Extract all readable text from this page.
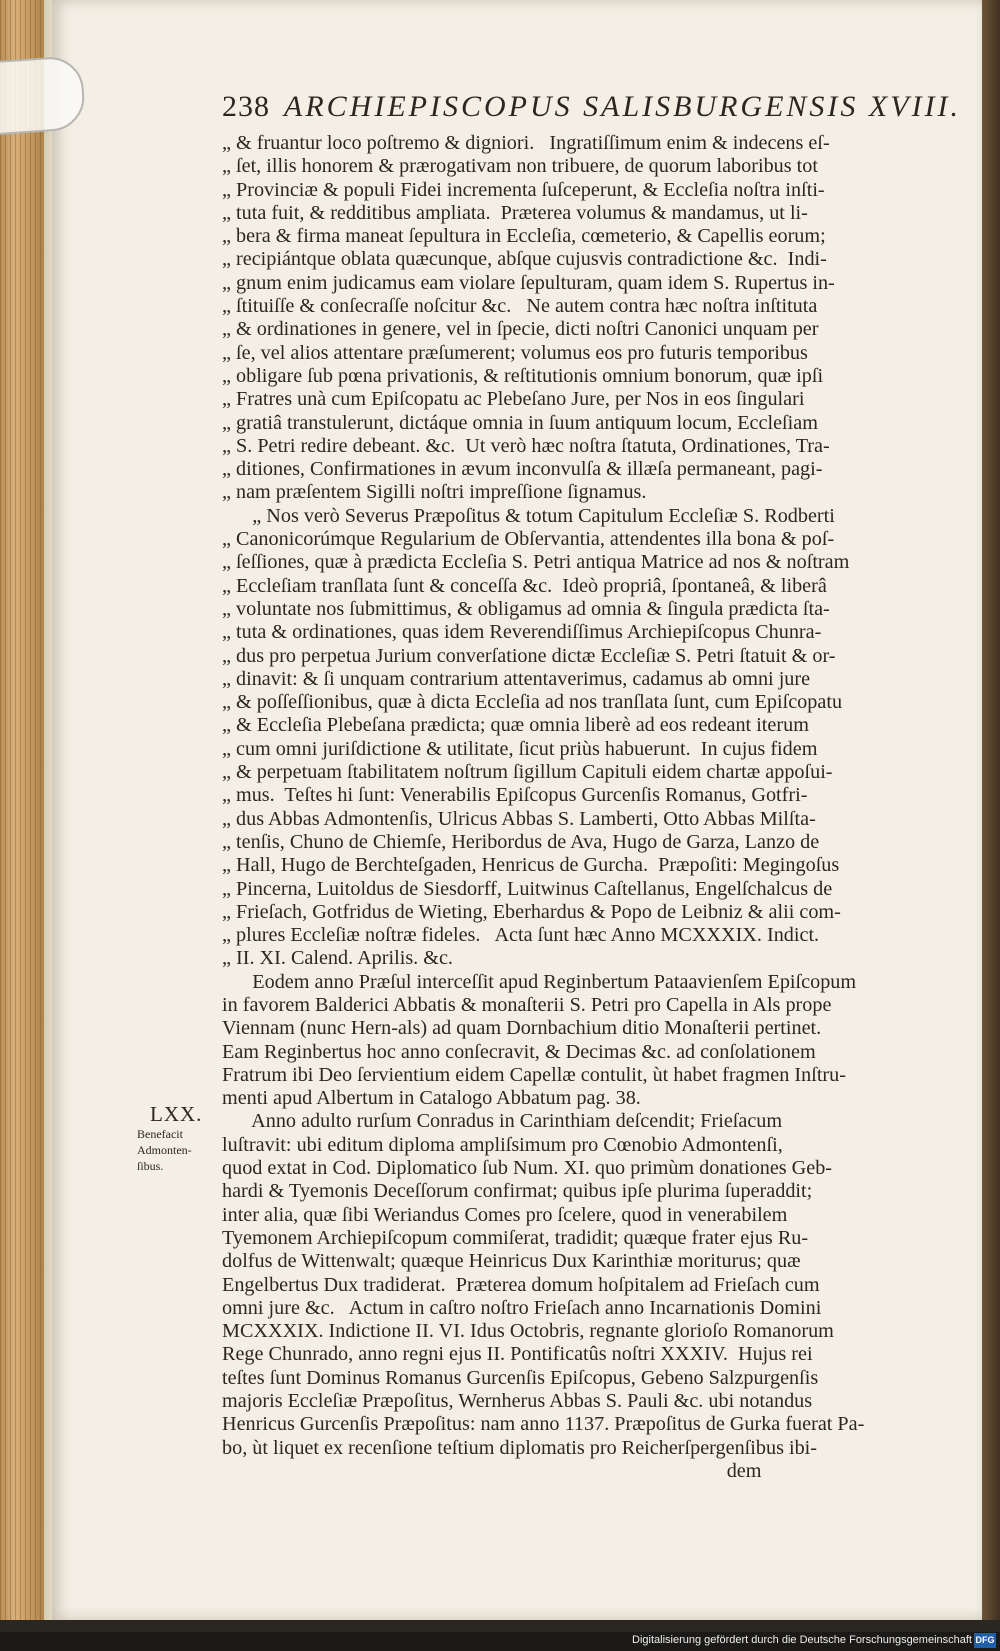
238 ARCHIEPISCOPUS SALISBURGENSIS XVIII.
LXX.
Benefacit Admonten-ſibus.
„ & fruantur loco poſtremo & digniori.   Ingratiſſimum enim & indecens eſ-
„ ſet, illis honorem & prærogativam non tribuere, de quorum laboribus tot
„ Provinciæ & populi Fidei incrementa ſuſceperunt, & Eccleſia noſtra inſti-
„ tuta fuit, & redditibus ampliata.  Præterea volumus & mandamus, ut li-
„ bera & firma maneat ſepultura in Eccleſia, cœmeterio, & Capellis eorum;
„ recipiántque oblata quæcunque, abſque cujusvis contradictione &c.  Indi-
„ gnum enim judicamus eam violare ſepulturam, quam idem S. Rupertus in-
„ ſtituiſſe & conſecraſſe noſcitur &c.   Ne autem contra hæc noſtra inſtituta
„ & ordinationes in genere, vel in ſpecie, dicti noſtri Canonici unquam per
„ ſe, vel alios attentare præſumerent; volumus eos pro futuris temporibus
„ obligare ſub pœna privationis, & reſtitutionis omnium bonorum, quæ ipſi
„ Fratres unà cum Epiſcopatu ac Plebeſano Jure, per Nos in eos ſingulari
„ gratiâ transtulerunt, dictáque omnia in ſuum antiquum locum, Eccleſiam
„ S. Petri redire debeant. &c.  Ut verò hæc noſtra ſtatuta, Ordinationes, Tra-
„ ditiones, Confirmationes in ævum inconvulſa & illæſa permaneant, pagi-
„ nam præſentem Sigilli noſtri impreſſione ſignamus.
„ Nos verò Severus Præpoſitus & totum Capitulum Eccleſiæ S. Rodberti
„ Canonicorúmque Regularium de Obſervantia, attendentes illa bona & poſ-
„ ſeſſiones, quæ à prædicta Eccleſia S. Petri antiqua Matrice ad nos & noſtram
„ Eccleſiam tranſlata ſunt & conceſſa &c.  Ideò propriâ, ſpontaneâ, & liberâ
„ voluntate nos ſubmittimus, & obligamus ad omnia & ſingula prædicta ſta-
„ tuta & ordinationes, quas idem Reverendiſſimus Archiepiſcopus Chunra-
„ dus pro perpetua Jurium converſatione dictæ Eccleſiæ S. Petri ſtatuit & or-
„ dinavit: & ſi unquam contrarium attentaverimus, cadamus ab omni jure
„ & poſſeſſionibus, quæ à dicta Eccleſia ad nos tranſlata ſunt, cum Epiſcopatu
„ & Eccleſia Plebeſana prædicta; quæ omnia liberè ad eos redeant iterum
„ cum omni juriſdictione & utilitate, ſicut priùs habuerunt.  In cujus fidem
„ & perpetuam ſtabilitatem noſtrum ſigillum Capituli eidem chartæ appoſui-
„ mus.  Teſtes hi ſunt: Venerabilis Epiſcopus Gurcenſis Romanus, Gotfri-
„ dus Abbas Admontenſis, Ulricus Abbas S. Lamberti, Otto Abbas Milſta-
„ tenſis, Chuno de Chiemſe, Heribordus de Ava, Hugo de Garza, Lanzo de
„ Hall, Hugo de Berchteſgaden, Henricus de Gurcha.  Præpoſiti: Megingoſus
„ Pincerna, Luitoldus de Siesdorff, Luitwinus Caſtellanus, Engelſchalcus de
„ Frieſach, Gotfridus de Wieting, Eberhardus & Popo de Leibniz & alii com-
„ plures Eccleſiæ noſtræ fideles.   Acta ſunt hæc Anno MCXXXIX. Indict.
„ II. XI. Calend. Aprilis. &c.
Eodem anno Præſul interceſſit apud Reginbertum Pataavienſem Epiſcopum
in favorem Balderici Abbatis & monaſterii S. Petri pro Capella in Als prope
Viennam (nunc Hern-als) ad quam Dornbachium ditio Monaſterii pertinet.
Eam Reginbertus hoc anno conſecravit, & Decimas &c. ad conſolationem
Fratrum ibi Deo ſervientium eidem Capellæ contulit, ùt habet fragmen Inſtru-
menti apud Albertum in Catalogo Abbatum pag. 38.
Anno adulto rurſum Conradus in Carinthiam deſcendit; Frieſacum
luſtravit: ubi editum diploma ampliſsimum pro Cœnobio Admontenſi,
quod extat in Cod. Diplomatico ſub Num. XI. quo primùm donationes Geb-
hardi & Tyemonis Deceſſorum confirmat; quibus ipſe plurima ſuperaddit;
inter alia, quæ ſibi Weriandus Comes pro ſcelere, quod in venerabilem
Tyemonem Archiepiſcopum commiſerat, tradidit; quæque frater ejus Ru-
dolfus de Wittenwalt; quæque Heinricus Dux Karinthiæ moriturus; quæ
Engelbertus Dux tradiderat.  Præterea domum hoſpitalem ad Frieſach cum
omni jure &c.   Actum in caſtro noſtro Frieſach anno Incarnationis Domini
MCXXXIX. Indictione II. VI. Idus Octobris, regnante glorioſo Romanorum
Rege Chunrado, anno regni ejus II. Pontificatûs noſtri XXXIV.  Hujus rei
teſtes ſunt Dominus Romanus Gurcenſis Epiſcopus, Gebeno Salzpurgenſis
majoris Eccleſiæ Præpoſitus, Wernherus Abbas S. Pauli &c. ubi notandus
Henricus Gurcenſis Præpoſitus: nam anno 1137. Præpoſitus de Gurka fuerat Pa-
bo, ùt liquet ex recenſione teſtium diplomatis pro Reicherſpergenſibus ibi-
dem
Digitalisierung gefördert durch die Deutsche Forschungsgemeinschaft DFG
